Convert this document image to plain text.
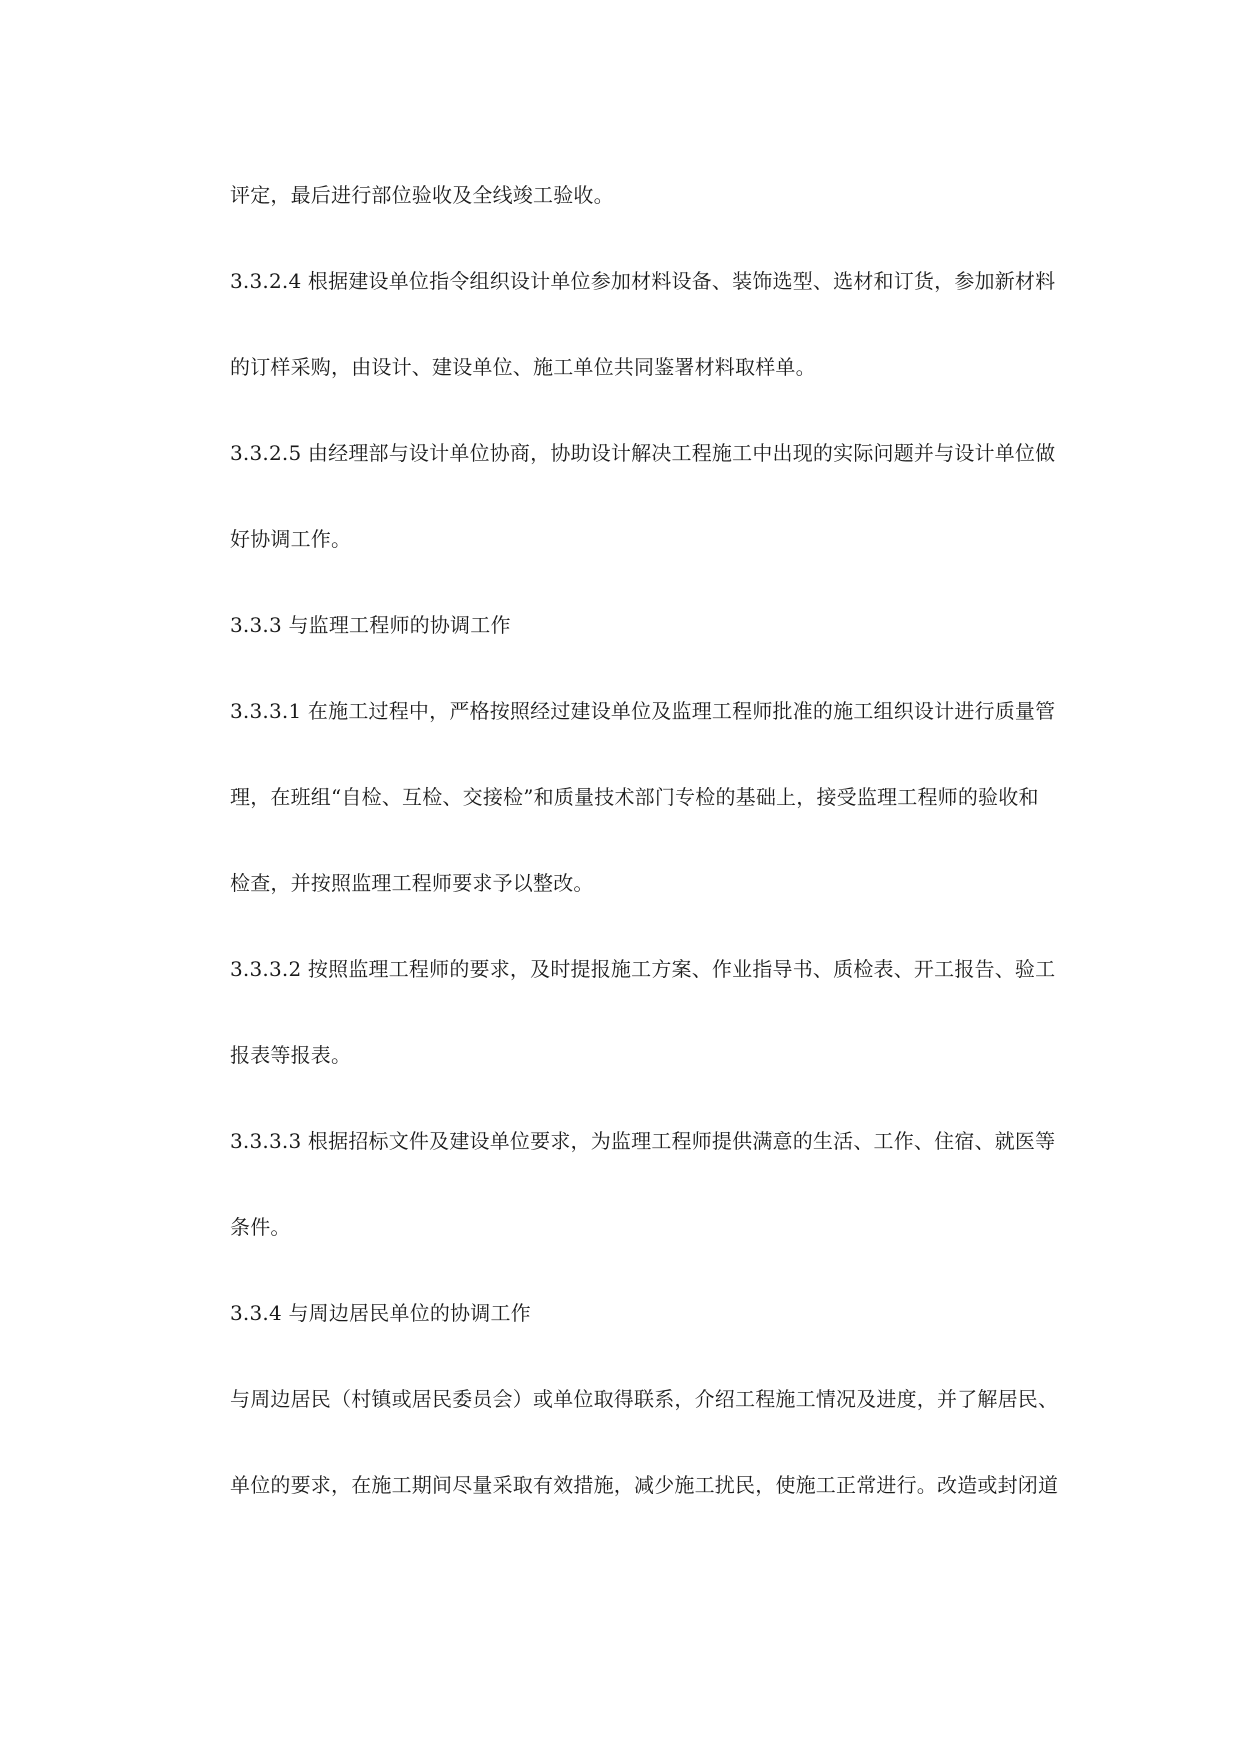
评定，最后进行部位验收及全线竣工验收。
3.3.2.4 根据建设单位指令组织设计单位参加材料设备、装饰选型、选材和订货，参加新材料
的订样采购，由设计、建设单位、施工单位共同鉴署材料取样单。
3.3.2.5 由经理部与设计单位协商，协助设计解决工程施工中出现的实际问题并与设计单位做
好协调工作。
3.3.3 与监理工程师的协调工作
3.3.3.1 在施工过程中，严格按照经过建设单位及监理工程师批准的施工组织设计进行质量管
理，在班组“自检、互检、交接检”和质量技术部门专检的基础上，接受监理工程师的验收和
检查，并按照监理工程师要求予以整改。
3.3.3.2 按照监理工程师的要求，及时提报施工方案、作业指导书、质检表、开工报告、验工
报表等报表。
3.3.3.3 根据招标文件及建设单位要求，为监理工程师提供满意的生活、工作、住宿、就医等
条件。
3.3.4 与周边居民单位的协调工作
与周边居民（村镇或居民委员会）或单位取得联系，介绍工程施工情况及进度，并了解居民、
单位的要求，在施工期间尽量采取有效措施，减少施工扰民，使施工正常进行。改造或封闭道
